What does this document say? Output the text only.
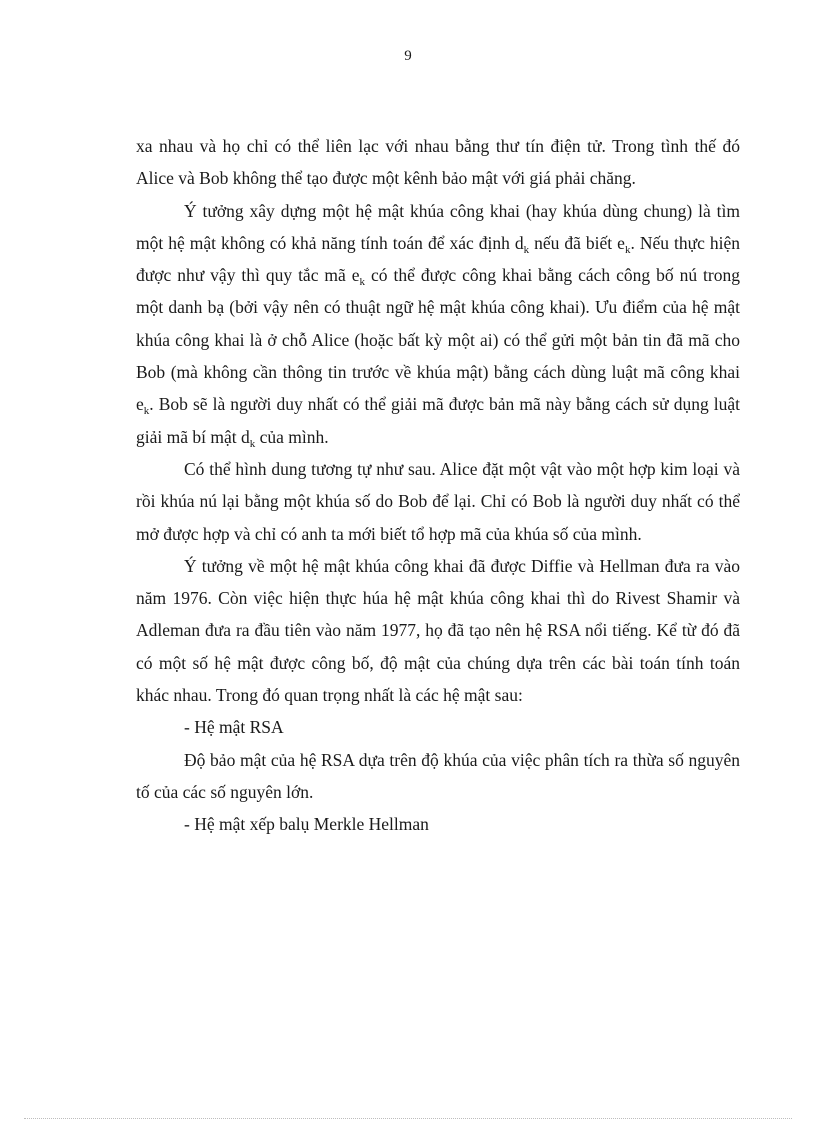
9

xa nhau và họ chỉ có thể liên lạc với nhau bằng thư tín điện tử. Trong tình thế đó Alice và Bob không thể tạo được một kênh bảo mật với giá phải chăng.

Ý tưởng xây dựng một hệ mật khúa công khai (hay khúa dùng chung) là tìm một hệ mật không có khả năng tính toán để xác định $d_k$ nếu đã biết $e_k$. Nếu thực hiện được như vậy thì quy tắc mã $e_k$ có thể được công khai bằng cách công bố nú trong một danh bạ (bởi vậy nên có thuật ngữ hệ mật khúa công khai). Ưu điểm của hệ mật khúa công khai là ở chỗ Alice (hoặc bất kỳ một ai) có thể gửi một bản tin đã mã cho Bob (mà không cần thông tin trước về khúa mật) bằng cách dùng luật mã công khai $e_k$. Bob sẽ là người duy nhất có thể giải mã được bản mã này bằng cách sử dụng luật giải mã bí mật $d_k$ của mình.

Có thể hình dung tương tự như sau. Alice đặt một vật vào một hợp kim loại và rồi khúa nú lại bằng một khúa số do Bob để lại. Chỉ có Bob là người duy nhất có thể mở được hợp và chỉ có anh ta mới biết tổ hợp mã của khúa số của mình.

Ý tưởng về một hệ mật khúa công khai đã được Diffie và Hellman đưa ra vào năm 1976. Còn việc hiện thực húa hệ mật khúa công khai thì do Rivest Shamir và Adleman đưa ra đầu tiên vào năm 1977, họ đã tạo nên hệ RSA nổi tiếng. Kể từ đó đã có một số hệ mật được công bố, độ mật của chúng dựa trên các bài toán tính toán khác nhau. Trong đó quan trọng nhất là các hệ mật sau:

- Hệ mật RSA

Độ bảo mật của hệ RSA dựa trên độ khúa của việc phân tích ra thừa số nguyên tố của các số nguyên lớn.

- Hệ mật xếp balụ Merkle Hellman
